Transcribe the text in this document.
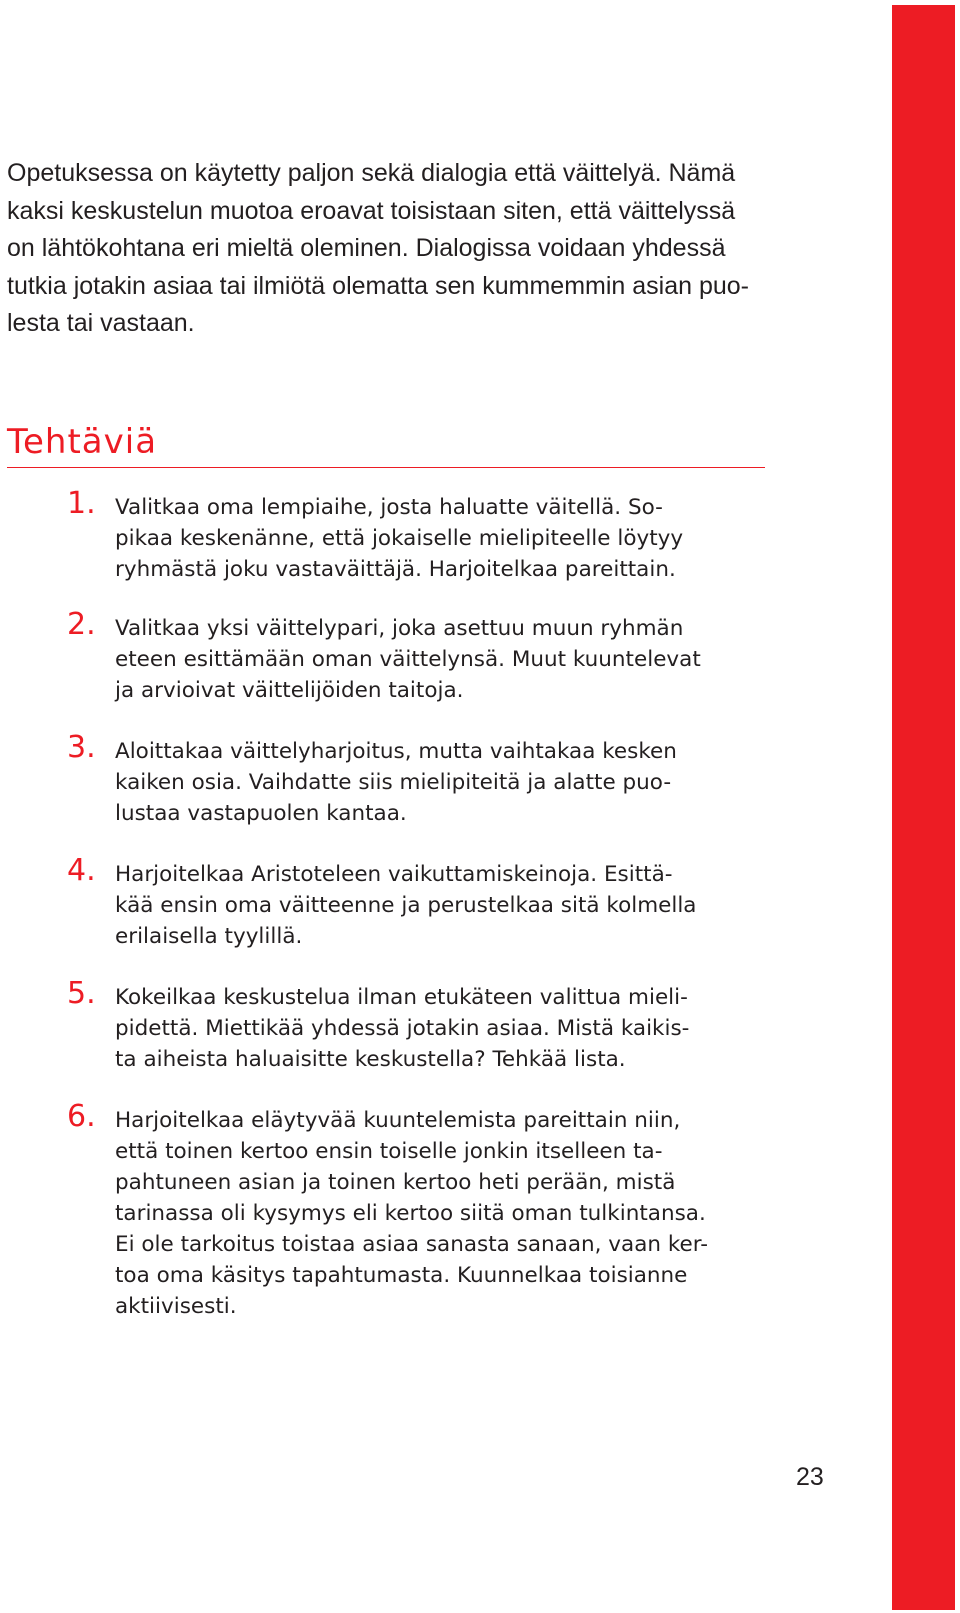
Opetuksessa on käytetty paljon sekä dialogia että väittelyä. Nämä
kaksi keskustelun muotoa eroavat toisistaan siten, että väittelyssä
on lähtökohtana eri mieltä oleminen. Dialogissa voidaan yhdessä
tutkia jotakin asiaa tai ilmiötä olematta sen kummemmin asian puo-
lesta tai vastaan.

Tehtäviä
1. Valitkaa oma lempiaihe, josta haluatte väitellä. So-
pikaa keskenänne, että jokaiselle mielipiteelle löytyy
ryhmästä joku vastaväittäjä. Harjoitelkaa pareittain.
2. Valitkaa yksi väittelypari, joka asettuu muun ryhmän
eteen esittämään oman väittelynsä. Muut kuuntelevat
ja arvioivat väittelijöiden taitoja.
3. Aloittakaa väittelyharjoitus, mutta vaihtakaa kesken
kaiken osia. Vaihdatte siis mielipiteitä ja alatte puo-
lustaa vastapuolen kantaa.
4. Harjoitelkaa Aristoteleen vaikuttamiskeinoja. Esittä-
kää ensin oma väitteenne ja perustelkaa sitä kolmella
erilaisella tyylillä.
5. Kokeilkaa keskustelua ilman etukäteen valittua mieli-
pidettä. Miettikää yhdessä jotakin asiaa. Mistä kaikis-
ta aiheista haluaisitte keskustella? Tehkää lista.
6. Harjoitelkaa eläytyvää kuuntelemista pareittain niin,
että toinen kertoo ensin toiselle jonkin itselleen ta-
pahtuneen asian ja toinen kertoo heti perään, mistä
tarinassa oli kysymys eli kertoo siitä oman tulkintansa.
Ei ole tarkoitus toistaa asiaa sanasta sanaan, vaan ker-
toa oma käsitys tapahtumasta. Kuunnelkaa toisianne
aktiivisesti.
23
